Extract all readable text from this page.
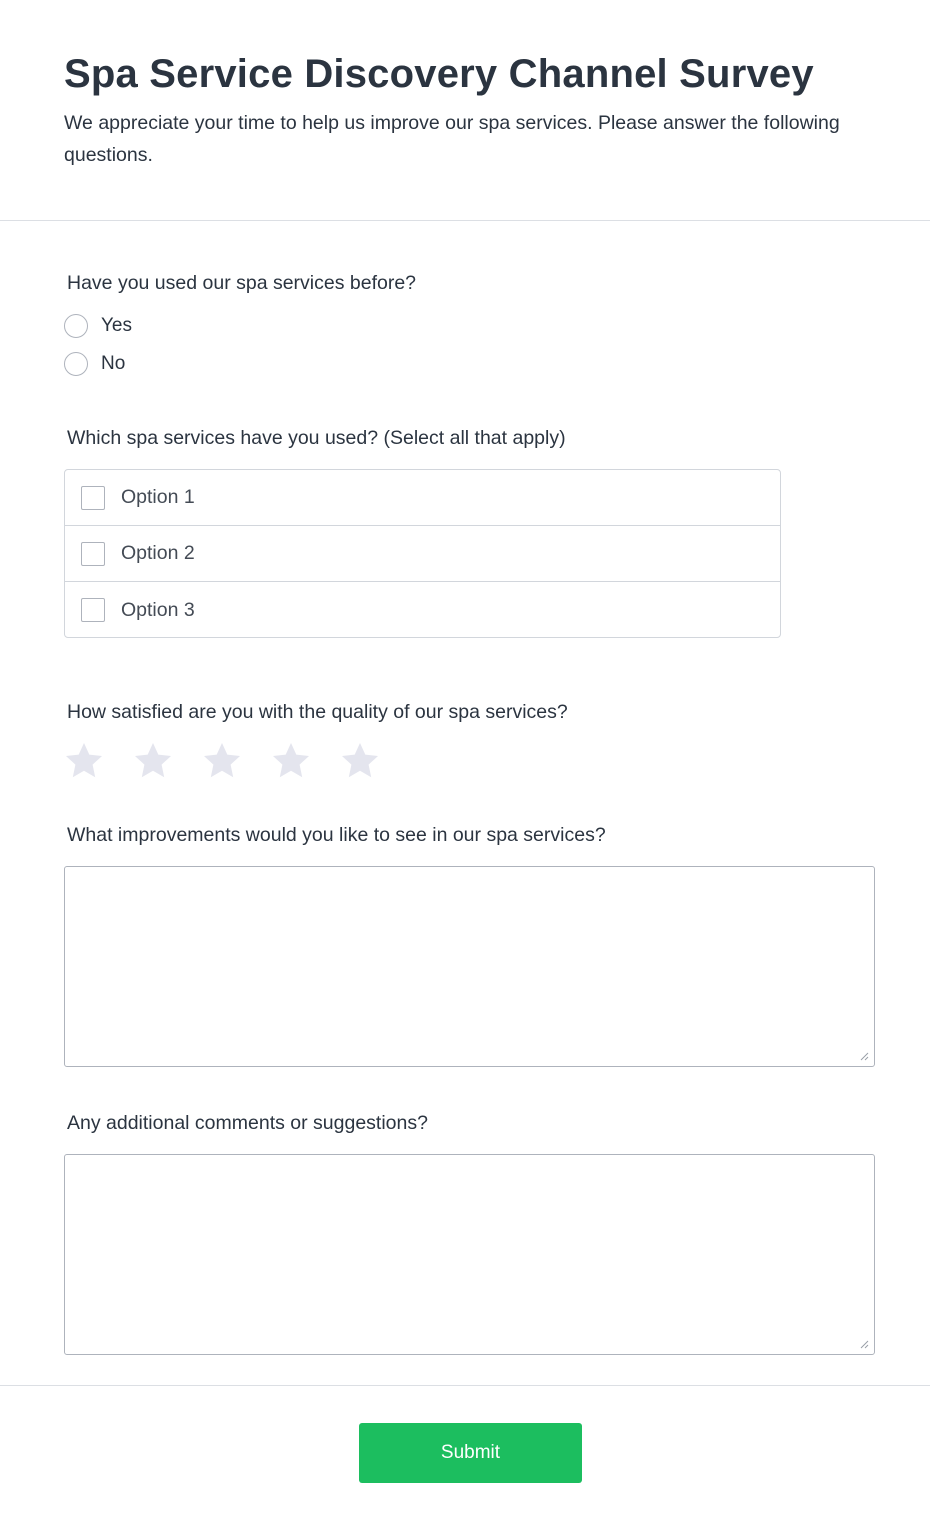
Spa Service Discovery Channel Survey

We appreciate your time to help us improve our spa services. Please answer the following questions.

Have you used our spa services before?
Yes
No
Which spa services have you used? (Select all that apply)
Option 1
Option 2
Option 3
How satisfied are you with the quality of our spa services?
What improvements would you like to see in our spa services?
Any additional comments or suggestions?
Submit
